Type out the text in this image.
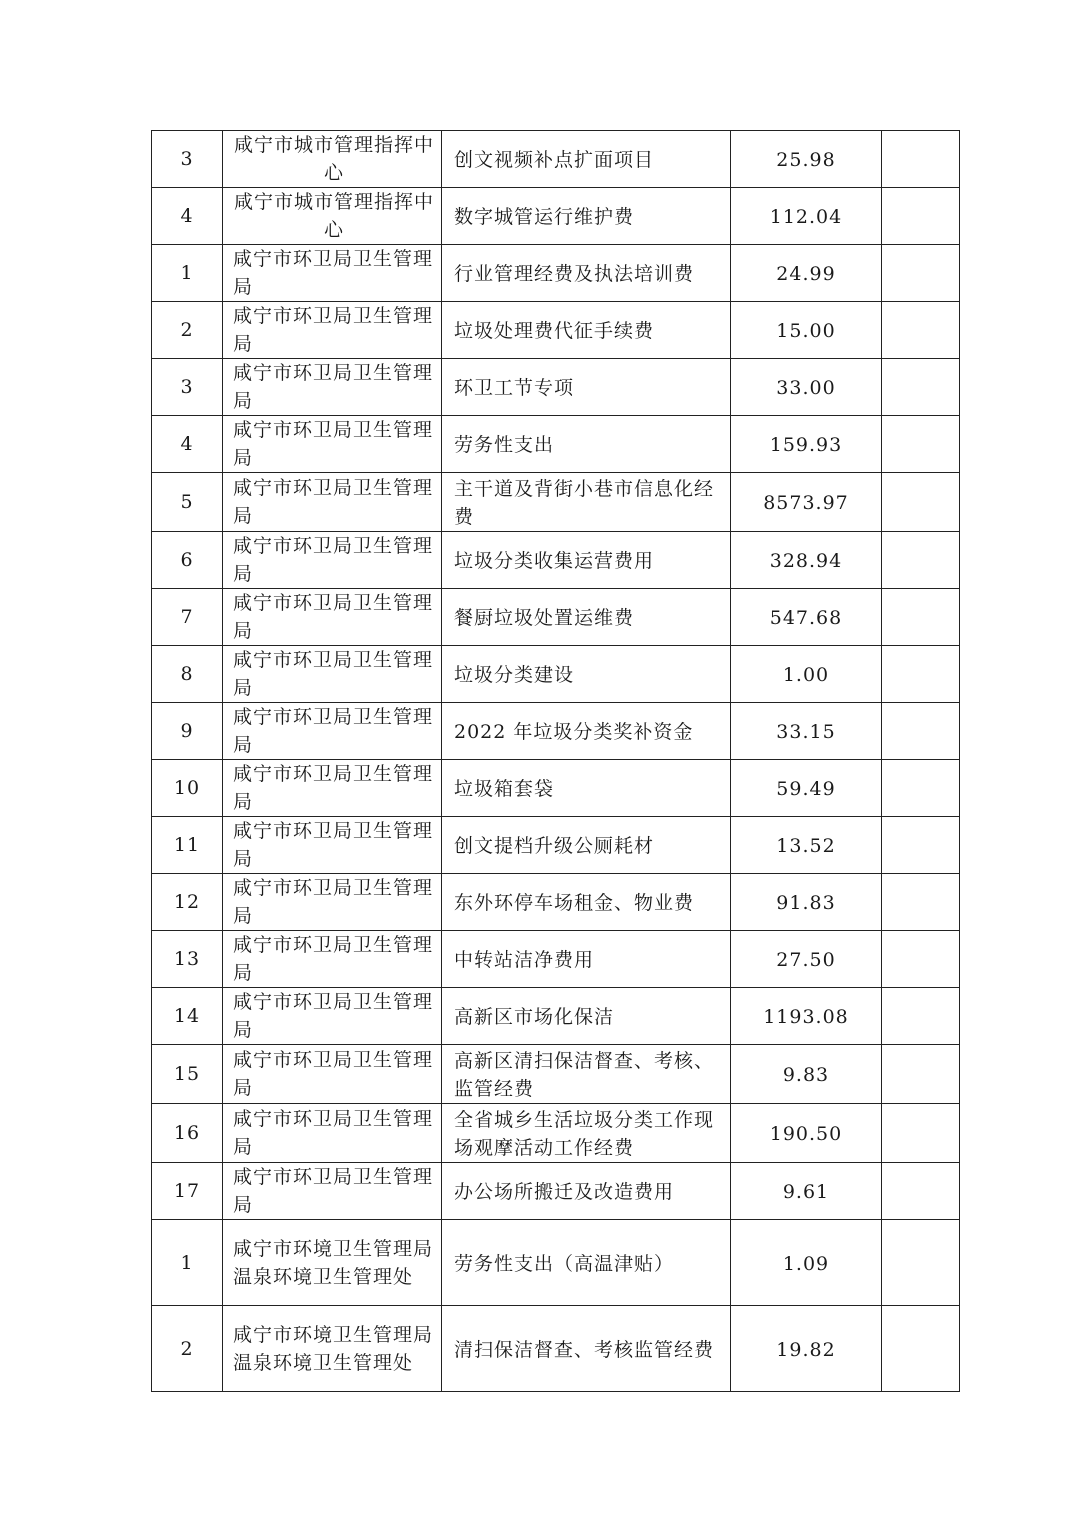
3	咸宁市城市管理指挥中心	创文视频补点扩面项目	25.98	

4	咸宁市城市管理指挥中心	数字城管运行维护费	112.04	

1	咸宁市环卫局卫生管理局	行业管理经费及执法培训费	24.99	

2	咸宁市环卫局卫生管理局	垃圾处理费代征手续费	15.00	

3	咸宁市环卫局卫生管理局	环卫工节专项	33.00	

4	咸宁市环卫局卫生管理局	劳务性支出	159.93	

5	咸宁市环卫局卫生管理局	主干道及背街小巷市信息化经费	8573.97	

6	咸宁市环卫局卫生管理局	垃圾分类收集运营费用	328.94	

7	咸宁市环卫局卫生管理局	餐厨垃圾处置运维费	547.68	

8	咸宁市环卫局卫生管理局	垃圾分类建设	1.00	

9	咸宁市环卫局卫生管理局	2022 年垃圾分类奖补资金	33.15	

10	咸宁市环卫局卫生管理局	垃圾箱套袋	59.49	

11	咸宁市环卫局卫生管理局	创文提档升级公厕耗材	13.52	

12	咸宁市环卫局卫生管理局	东外环停车场租金、物业费	91.83	

13	咸宁市环卫局卫生管理局	中转站洁净费用	27.50	

14	咸宁市环卫局卫生管理局	高新区市场化保洁	1193.08	

15	咸宁市环卫局卫生管理局	高新区清扫保洁督查、考核、监管经费	9.83	

16	咸宁市环卫局卫生管理局	全省城乡生活垃圾分类工作现场观摩活动工作经费	190.50	

17	咸宁市环卫局卫生管理局	办公场所搬迁及改造费用	9.61	

1	咸宁市环境卫生管理局温泉环境卫生管理处	劳务性支出（高温津贴）	1.09	

2	咸宁市环境卫生管理局温泉环境卫生管理处	清扫保洁督查、考核监管经费	19.82	
